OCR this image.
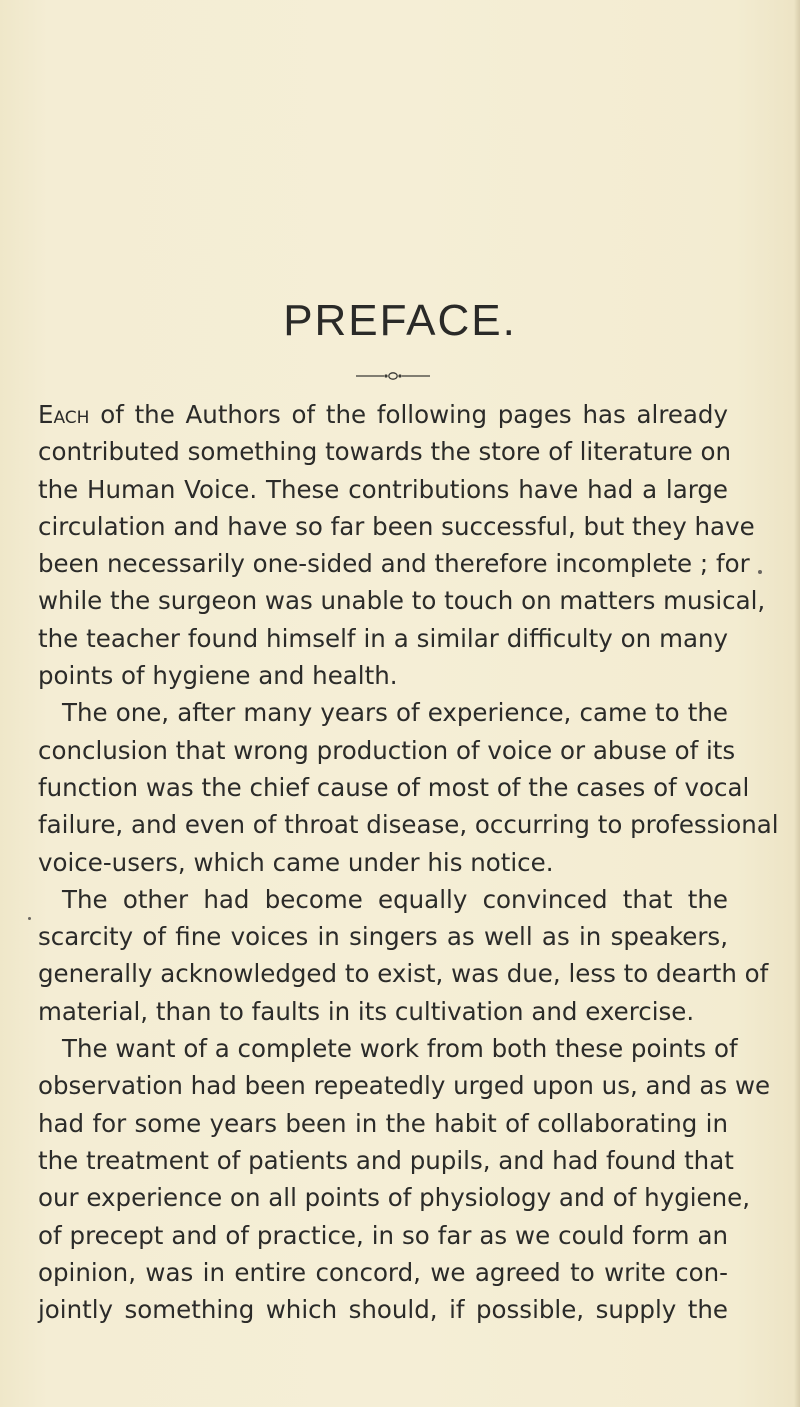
PREFACE.
Each of the Authors of the following pages has already
contributed something towards the store of literature on
the Human Voice. These contributions have had a large
circulation and have so far been successful, but they have
been necessarily one-sided and therefore incomplete ; for
while the surgeon was unable to touch on matters musical,
the teacher found himself in a similar difficulty on many
points of hygiene and health.
The one, after many years of experience, came to the
conclusion that wrong production of voice or abuse of its
function was the chief cause of most of the cases of vocal
failure, and even of throat disease, occurring to professional
voice-users, which came under his notice.
The other had become equally convinced that the
scarcity of fine voices in singers as well as in speakers,
generally acknowledged to exist, was due, less to dearth of
material, than to faults in its cultivation and exercise.
The want of a complete work from both these points of
observation had been repeatedly urged upon us, and as we
had for some years been in the habit of collaborating in
the treatment of patients and pupils, and had found that
our experience on all points of physiology and of hygiene,
of precept and of practice, in so far as we could form an
opinion, was in entire concord, we agreed to write con-
jointly something which should, if possible, supply the
